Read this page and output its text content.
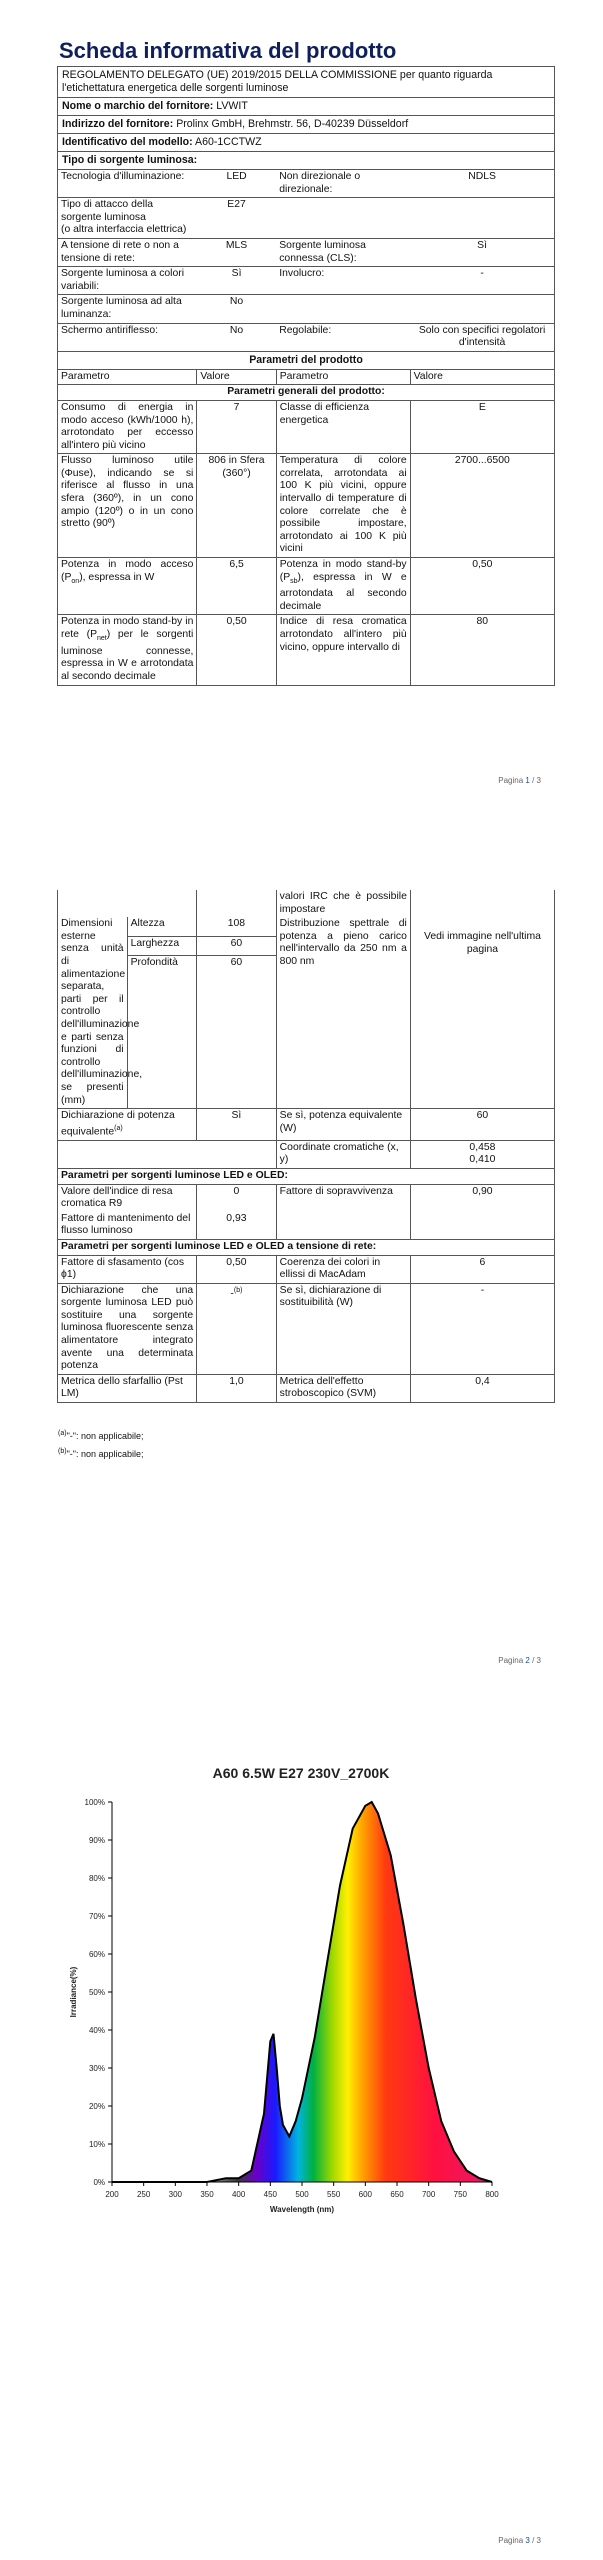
Scheda informativa del prodotto
REGOLAMENTO DELEGATO (UE) 2019/2015 DELLA COMMISSIONE per quanto riguarda l'etichettatura energetica delle sorgenti luminose
Nome o marchio del fornitore: LVWIT
Indirizzo del fornitore: Prolinx GmbH, Brehmstr. 56, D-40239 Düsseldorf
Identificativo del modello: A60-1CCTWZ
Tipo di sorgente luminosa:
Tecnologia d'illuminazione:	LED	Non direzionale o direzionale:	NDLS
Tipo di attacco della sorgente luminosa
(o altra interfaccia elettrica)	E27		
A tensione di rete o non a tensione di rete:	MLS	Sorgente luminosa connessa (CLS):	Sì
Sorgente luminosa a colori variabili:	Sì	Involucro:	-
Sorgente luminosa ad alta luminanza:	No		
Schermo antiriflesso:	No	Regolabile:	Solo con specifici regolatori d'intensità
Parametri del prodotto
Parametro	Valore	Parametro	Valore
Parametri generali del prodotto:			
Consumo di energia in modo acceso (kWh/1000 h), arrotondato per eccesso all'intero più vicino	7	Classe di efficienza energetica	E
Flusso luminoso utile (Φuse), indicando se si riferisce al flusso in una sfera (360º), in un cono ampio (120º) o in un cono stretto (90º)	806 in Sfera (360°)	Temperatura di colore correlata, arrotondata ai 100 K più vicini, oppure intervallo di temperature di colore correlate che è possibile impostare, arrotondato ai 100 K più vicini	2700...6500
Potenza in modo acceso $(P_{on})$, espressa in W	6,5	Potenza in modo stand-by $(P_{sb})$, espressa in W e arrotondata al secondo decimale	0,50
Potenza in modo stand-by in rete $(P_{net})$ per le sorgenti luminose connesse, espressa in W e arrotondata al secondo decimale	0,50	Indice di resa cromatica arrotondato all'intero più vicino, oppure intervallo di	80
Pagina 1 / 3
			valori IRC che è possibile impostare	
Dimensioni esterne senza unità di alimentazione separata, parti per il controllo dell'illuminazione e parti senza funzioni di controllo dell'illuminazione, se presenti (mm)	Altezza	108	Distribuzione spettrale di potenza a pieno carico nell'intervallo da 250 nm a 800 nm	Vedi immagine nell'ultima pagina
	Larghezza	60		
	Profondità	60		
Dichiarazione di potenza equivalente$^{(a)}$		Sì	Se sì, potenza equivalente (W)	60
			Coordinate cromatiche (x, y)	0,458
0,410
Parametri per sorgenti luminose LED e OLED:				
Valore dell'indice di resa cromatica R9		0	Fattore di sopravvivenza	0,90
Fattore di mantenimento del flusso luminoso		0,93		
Parametri per sorgenti luminose LED e OLED a tensione di rete:				
Fattore di sfasamento (cos ϕ1)		0,50	Coerenza dei colori in ellissi di MacAdam	6
Dichiarazione che una sorgente luminosa LED può sostituire una sorgente luminosa fluorescente senza alimentatore integrato avente una determinata potenza		-$^{(b)}$	Se sì, dichiarazione di sostituibilità (W)	-
Metrica dello sfarfallio (Pst LM)		1,0	Metrica dell'effetto stroboscopico (SVM)	0,4
$^{(a)}$"-": non applicabile;
$^{(b)}$"-": non applicabile;
Pagina 2 / 3
A60 6.5W E27 230V_2700K
200 250 300 350 400 450 500 550 600 650 700 750 800
0%
10%
20%
30%
40%
50%
60%
70%
80%
90%
100%
Wavelength (nm)
Irradiance(%)
Pagina 3 / 3
